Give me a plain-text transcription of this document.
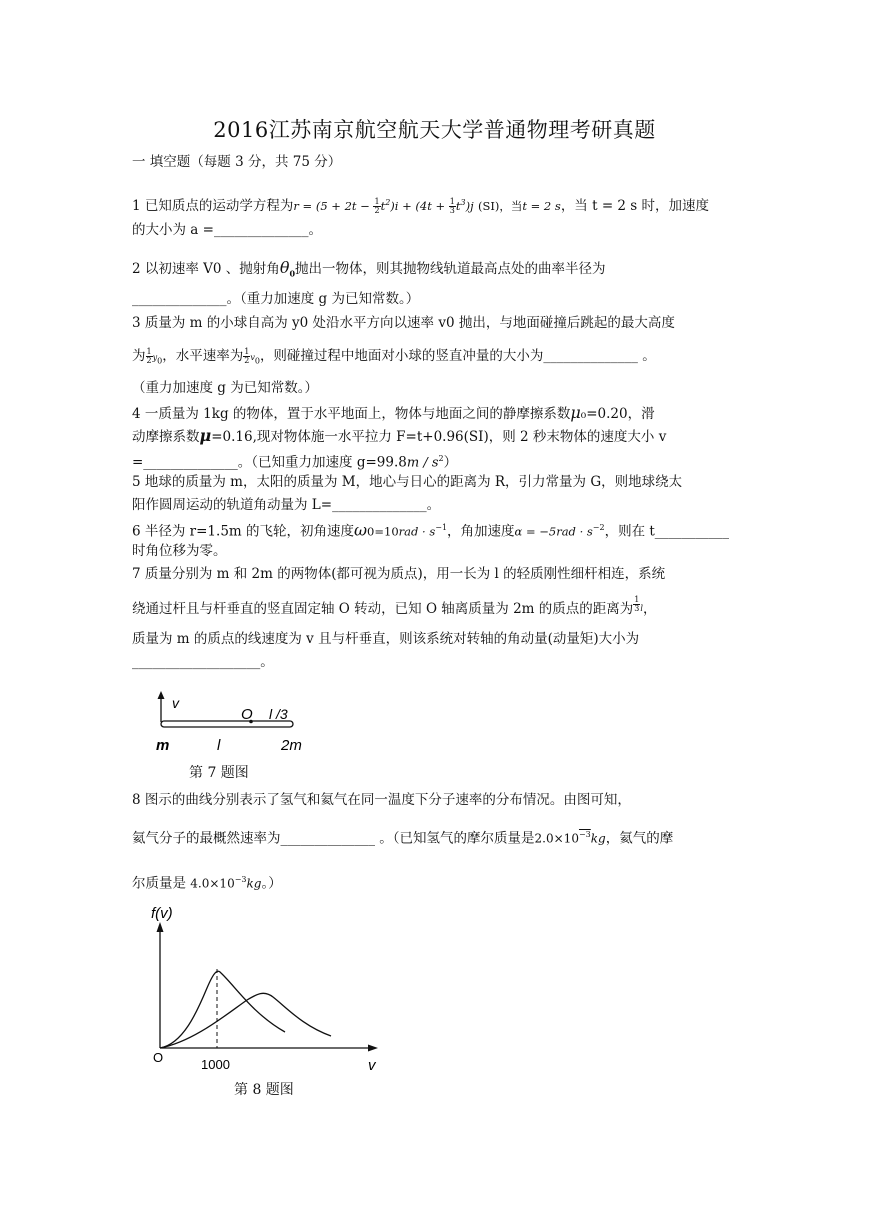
2016江苏南京航空航天大学普通物理考研真题
一 填空题（每题 3 分，共 75 分）
1 已知质点的运动学方程为$r = (5 + 2t - \frac{1}{2} t^2)i + (4t + \frac{1}{3} t^3)j$ (SI)，当t = 2 s，当 t = 2 s 时，加速度
的大小为 a =______________。
2 以初速率 V0 、抛射角$\theta_0$抛出一物体，则其抛物线轨道最高点处的曲率半径为
______________。（重力加速度 g 为已知常数。）
3 质量为 m 的小球自高为 y0 处沿水平方向以速率 v0 抛出，与地面碰撞后跳起的最大高度
为 $\frac{1}{2} y_0$，水平速率为 $\frac{1}{2} v_0$，则碰撞过程中地面对小球的竖直冲量的大小为______________ 。
（重力加速度 g 为已知常数。）
4 一质量为 1kg 的物体，置于水平地面上，物体与地面之间的静摩擦系数μ₀=0.20，滑
动摩擦系数μ=0.16,现对物体施一水平拉力 F=t+0.96(SI)，则 2 秒末物体的速度大小 v
=______________。（已知重力加速度 $g=99.8m / s^2$）
5 地球的质量为 m，太阳的质量为 M，地心与日心的距离为 R，引力常量为 G，则地球绕太
阳作圆周运动的轨道角动量为 L=______________。
6 半径为 r=1.5m 的飞轮，初角速度$\omega 0=10rad \cdot s^{-1}$，角加速度$\alpha = -5rad \cdot s^{-2}$，则在 t___________
时角位移为零。
7 质量分别为 m 和 2m 的两物体(都可视为质点)，用一长为 l 的轻质刚性细杆相连，系统
绕通过杆且与杆垂直的竖直固定轴 O 转动，已知 O 轴离质量为 2m 的质点的距离为 $\frac{1}{3} ^l$，
质量为 m 的质点的线速度为 v 且与杆垂直，则该系统对转轴的角动量(动量矩)大小为
___________________。
v
O l /3
m	l	2m
第 7 题图
8 图示的曲线分别表示了氢气和氦气在同一温度下分子速率的分布情况。由图可知，
氦气分子的最概然速率为______________ 。（已知氢气的摩尔质量是$2.0\times 10^{-3}kg$，氦气的摩
尔质量是 $4.0\times 10^{-3}kg$。）
f(v)
O	1000	v
第 8 题图
